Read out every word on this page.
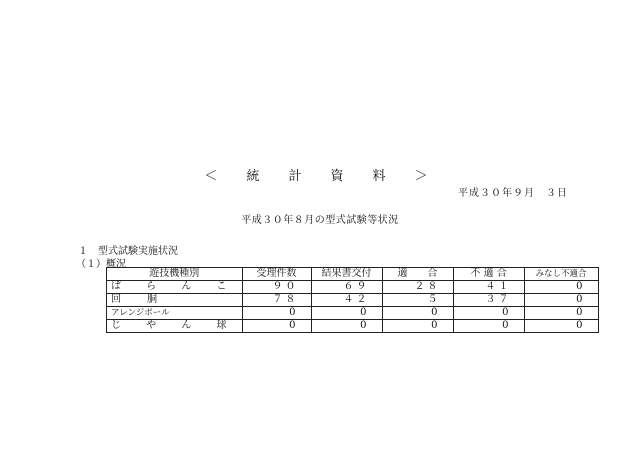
＜　統　計　資　料　＞
平成３０年９月　３日
平成３０年８月の型式試験等状況
１　型式試験実施状況
（１）概況
遊技機種別	受理件数	結果書交付	適　　合	不 適 合	みなし不適合
ぱ ら ん こ	９０	６９	２８	４１	0
回　　胴	７８	４２	５	３７	0
アレンジボール	0	0	0	0	0
じ や ん 球	0	0	0	0	0
